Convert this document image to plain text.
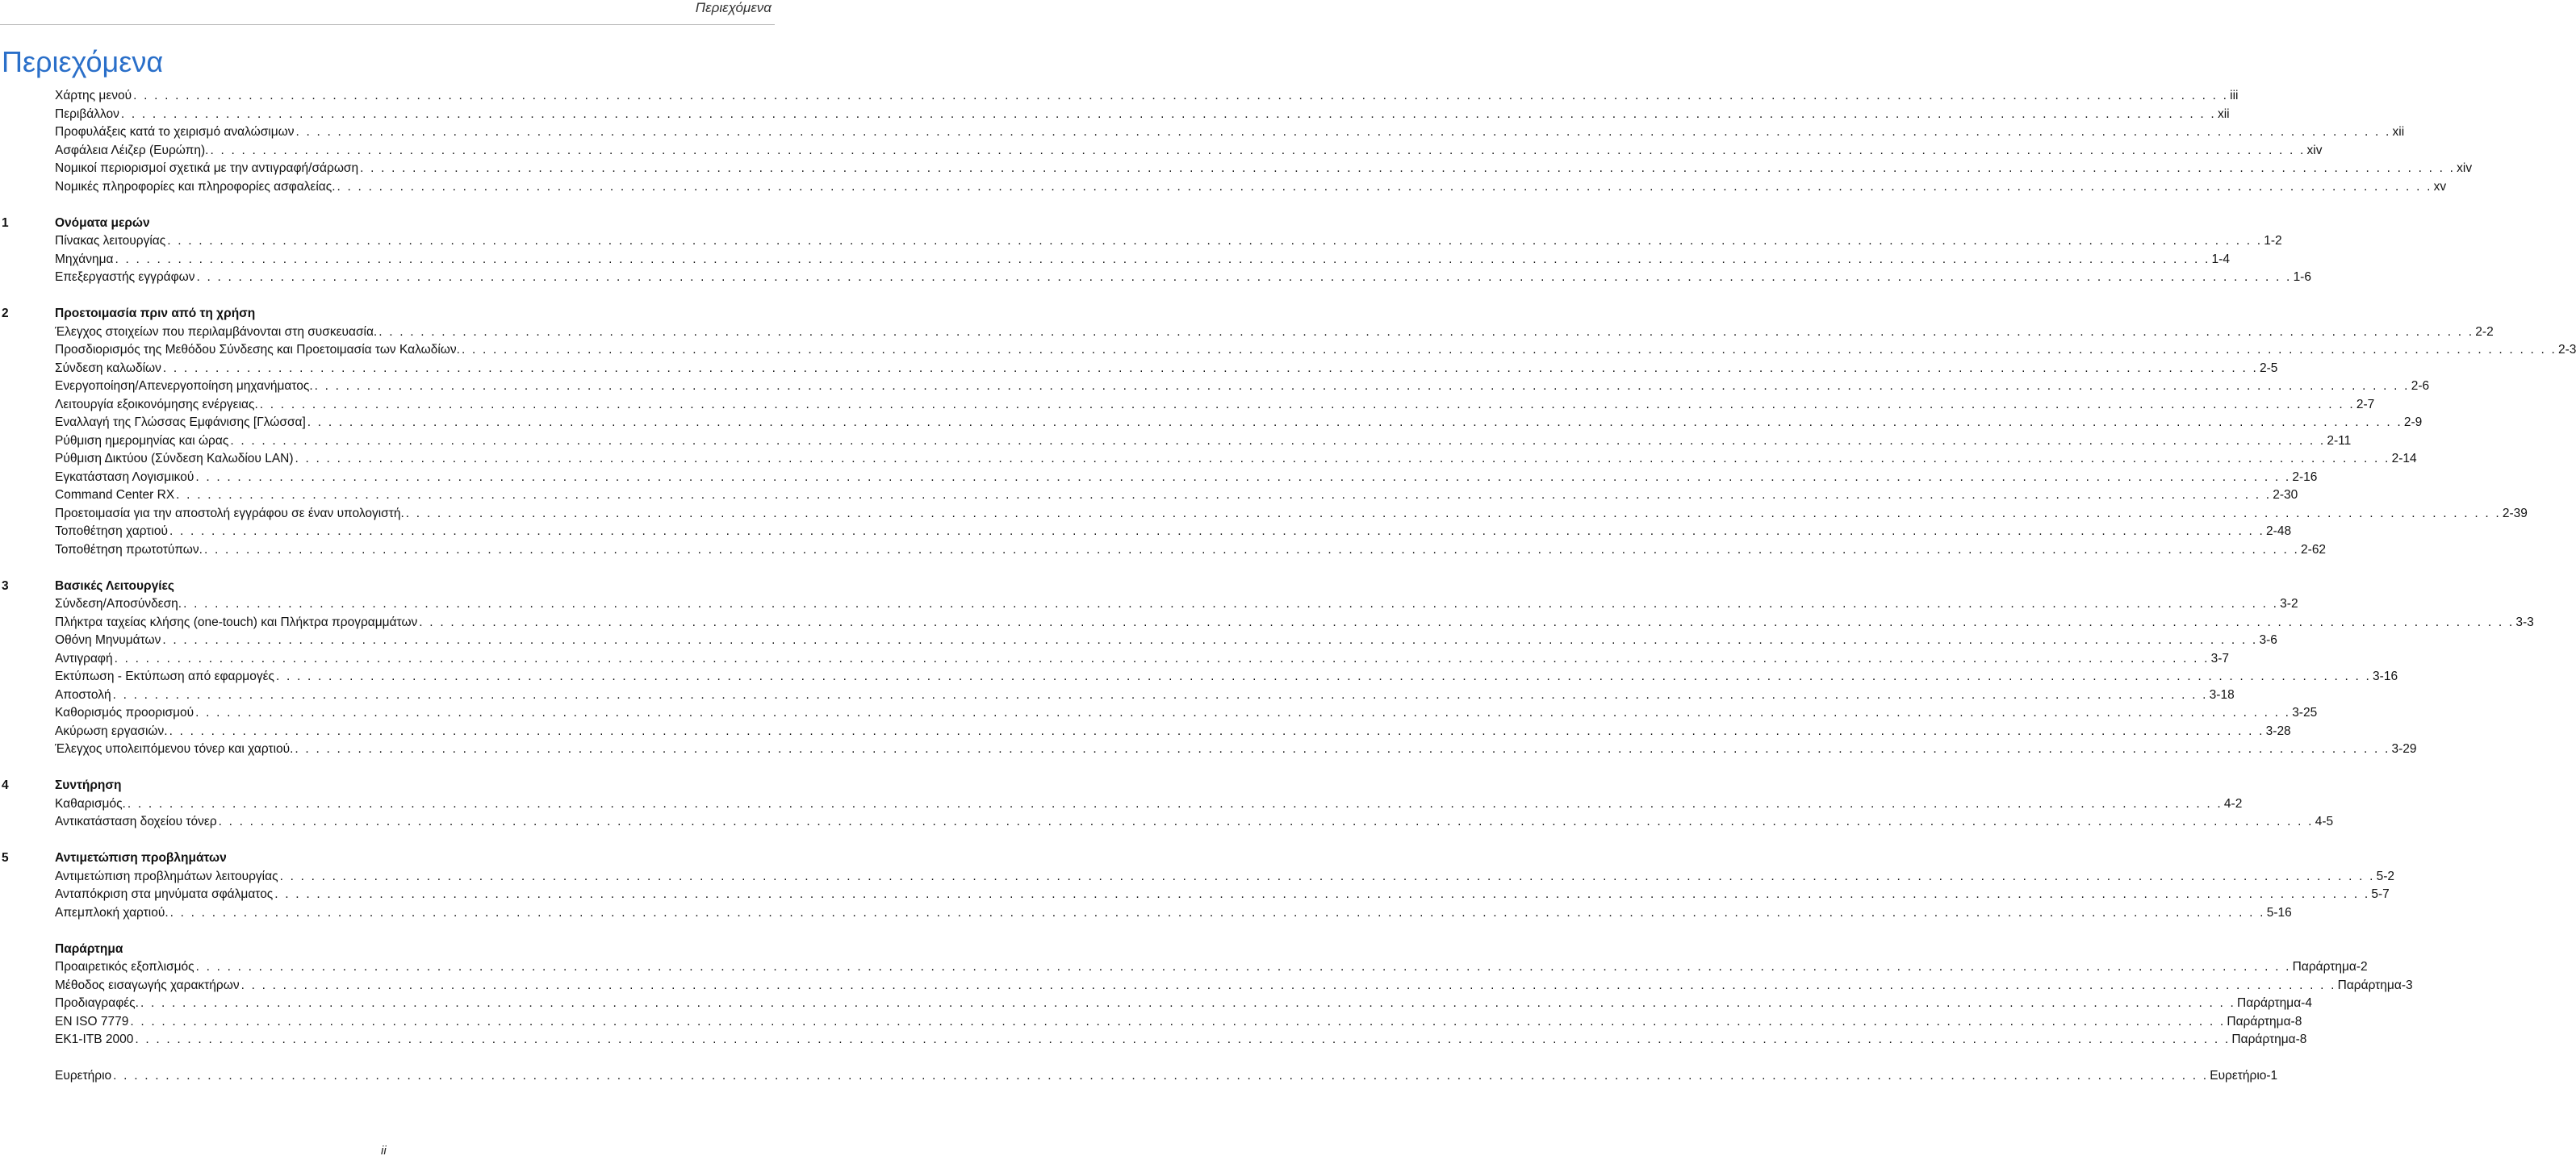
Περιεχόμενα
Περιεχόμενα
Χάρτης μενού . . . . . . . . . . . . . . . . . . . . . . . . . . . . . . . . . . . . . . . . . . . . . . . . . . . . . . . . . . . . . . . . . . . . . . . . . . . . . . . . . . . . . . . . . . . . . . . . . . . . . . . . . . . . . . . . . . . . . . . . . . . . . . . . . . . . . . . . . . . . . . . . . . . . . . . . . . . . . . . . . . . . . . . . . . . . . . . . . . . . . . . . . . . . . . . . . . . . . . . . iii
Περιβάλλον . . . . . . . . . . . . . . . . . . . . . . . . . . . . . . . . . . . . . . . . . . . . . . . . . . . . . . . . . . . . . . . . . . . . . . . . . . . . . . . . . . . . . . . . . . . . . . . . . . . . . . . . . . . . . . . . . . . . . . . . . . . . . . . . . . . . . . . . . . . . . . . . . . . . . . . . . . . . . . . . . . . . . . . . . . . . . . . . . . . . . . . . . . . . . . . . . . . . . . . . xii
Προφυλάξεις κατά το χειρισμό αναλώσιμων . . . . . . . . . . . . . . . . . . . . . . . . . . . . . . . . . . . . . . . . . . . . . . . . . . . . . . . . . . . . . . . . . . . . . . . . . . . . . . . . . . . . . . . . . . . . . . . . . . . . . . . . . . . . . . . . . . . . . . . . . . . . . . . . . . . . . . . . . . . . . . . . . . . . . . . . . . . . . . . . . . . . . . . . . . . . . . . . . . . . . . . . . . . . . . . . . . . . . . . . xii
Ασφάλεια Λέιζερ (Ευρώπη). . . . . . . . . . . . . . . . . . . . . . . . . . . . . . . . . . . . . . . . . . . . . . . . . . . . . . . . . . . . . . . . . . . . . . . . . . . . . . . . . . . . . . . . . . . . . . . . . . . . . . . . . . . . . . . . . . . . . . . . . . . . . . . . . . . . . . . . . . . . . . . . . . . . . . . . . . . . . . . . . . . . . . . . . . . . . . . . . . . . . . . . . . . . . . . . . . . . . . . . . xiv
Νομικοί περιορισμοί σχετικά με την αντιγραφή/σάρωση . . . . . . . . . . . . . . . . . . . . . . . . . . . . . . . . . . . . . . . . . . . . . . . . . . . . . . . . . . . . . . . . . . . . . . . . . . . . . . . . . . . . . . . . . . . . . . . . . . . . . . . . . . . . . . . . . . . . . . . . . . . . . . . . . . . . . . . . . . . . . . . . . . . . . . . . . . . . . . . . . . . . . . . . . . . . . . . . . . . . . . . . . . . . . . . . . . . . . . . . xiv
Νομικές πληροφορίες και πληροφορίες ασφαλείας. . . . . . . . . . . . . . . . . . . . . . . . . . . . . . . . . . . . . . . . . . . . . . . . . . . . . . . . . . . . . . . . . . . . . . . . . . . . . . . . . . . . . . . . . . . . . . . . . . . . . . . . . . . . . . . . . . . . . . . . . . . . . . . . . . . . . . . . . . . . . . . . . . . . . . . . . . . . . . . . . . . . . . . . . . . . . . . . . . . . . . . . . . . . . . . . . . . . . . . . . xv
1	Ονόματα μερών
Πίνακας λειτουργίας . . . . . . . . . . . . . . . . . . . . . . . . . . . . . . . . . . . . . . . . . . . . . . . . . . . . . . . . . . . . . . . . . . . . . . . . . . . . . . . . . . . . . . . . . . . . . . . . . . . . . . . . . . . . . . . . . . . . . . . . . . . . . . . . . . . . . . . . . . . . . . . . . . . . . . . . . . . . . . . . . . . . . . . . . . . . . . . . . . . . . . . . . . . . . . . . . . . . . . . . 1-2
Μηχάνημα . . . . . . . . . . . . . . . . . . . . . . . . . . . . . . . . . . . . . . . . . . . . . . . . . . . . . . . . . . . . . . . . . . . . . . . . . . . . . . . . . . . . . . . . . . . . . . . . . . . . . . . . . . . . . . . . . . . . . . . . . . . . . . . . . . . . . . . . . . . . . . . . . . . . . . . . . . . . . . . . . . . . . . . . . . . . . . . . . . . . . . . . . . . . . . . . . . . . . . . . 1-4
Επεξεργαστής εγγράφων . . . . . . . . . . . . . . . . . . . . . . . . . . . . . . . . . . . . . . . . . . . . . . . . . . . . . . . . . . . . . . . . . . . . . . . . . . . . . . . . . . . . . . . . . . . . . . . . . . . . . . . . . . . . . . . . . . . . . . . . . . . . . . . . . . . . . . . . . . . . . . . . . . . . . . . . . . . . . . . . . . . . . . . . . . . . . . . . . . . . . . . . . . . . . . . . . . . . . . . . 1-6
2	Προετοιμασία πριν από τη χρήση
Έλεγχος στοιχείων που περιλαμβάνονται στη συσκευασία. . . . . . . . . . . . . . . . . . . . . . . . . . . . . . . . . . . . . . . . . . . . . . . . . . . . . . . . . . . . . . . . . . . . . . . . . . . . . . . . . . . . . . . . . . . . . . . . . . . . . . . . . . . . . . . . . . . . . . . . . . . . . . . . . . . . . . . . . . . . . . . . . . . . . . . . . . . . . . . . . . . . . . . . . . . . . . . . . . . . . . . . . . . . . . . . . . . . . . . . . 2-2
Προσδιορισμός της Μεθόδου Σύνδεσης και Προετοιμασία των Καλωδίων. . . . . . . . . . . . . . . . . . . . . . . . . . . . . . . . . . . . . . . . . . . . . . . . . . . . . . . . . . . . . . . . . . . . . . . . . . . . . . . . . . . . . . . . . . . . . . . . . . . . . . . . . . . . . . . . . . . . . . . . . . . . . . . . . . . . . . . . . . . . . . . . . . . . . . . . . . . . . . . . . . . . . . . . . . . . . . . . . . . . . . . . . . . . . . . . . . . . . . . . . 2-3
Σύνδεση καλωδίων . . . . . . . . . . . . . . . . . . . . . . . . . . . . . . . . . . . . . . . . . . . . . . . . . . . . . . . . . . . . . . . . . . . . . . . . . . . . . . . . . . . . . . . . . . . . . . . . . . . . . . . . . . . . . . . . . . . . . . . . . . . . . . . . . . . . . . . . . . . . . . . . . . . . . . . . . . . . . . . . . . . . . . . . . . . . . . . . . . . . . . . . . . . . . . . . . . . . . . . . 2-5
Ενεργοποίηση/Απενεργοποίηση μηχανήματος. . . . . . . . . . . . . . . . . . . . . . . . . . . . . . . . . . . . . . . . . . . . . . . . . . . . . . . . . . . . . . . . . . . . . . . . . . . . . . . . . . . . . . . . . . . . . . . . . . . . . . . . . . . . . . . . . . . . . . . . . . . . . . . . . . . . . . . . . . . . . . . . . . . . . . . . . . . . . . . . . . . . . . . . . . . . . . . . . . . . . . . . . . . . . . . . . . . . . . . . . 2-6
Λειτουργία εξοικονόμησης ενέργειας. . . . . . . . . . . . . . . . . . . . . . . . . . . . . . . . . . . . . . . . . . . . . . . . . . . . . . . . . . . . . . . . . . . . . . . . . . . . . . . . . . . . . . . . . . . . . . . . . . . . . . . . . . . . . . . . . . . . . . . . . . . . . . . . . . . . . . . . . . . . . . . . . . . . . . . . . . . . . . . . . . . . . . . . . . . . . . . . . . . . . . . . . . . . . . . . . . . . . . . . . 2-7
Εναλλαγή της Γλώσσας Εμφάνισης [Γλώσσα] . . . . . . . . . . . . . . . . . . . . . . . . . . . . . . . . . . . . . . . . . . . . . . . . . . . . . . . . . . . . . . . . . . . . . . . . . . . . . . . . . . . . . . . . . . . . . . . . . . . . . . . . . . . . . . . . . . . . . . . . . . . . . . . . . . . . . . . . . . . . . . . . . . . . . . . . . . . . . . . . . . . . . . . . . . . . . . . . . . . . . . . . . . . . . . . . . . . . . . . . 2-9
Ρύθμιση ημερομηνίας και ώρας . . . . . . . . . . . . . . . . . . . . . . . . . . . . . . . . . . . . . . . . . . . . . . . . . . . . . . . . . . . . . . . . . . . . . . . . . . . . . . . . . . . . . . . . . . . . . . . . . . . . . . . . . . . . . . . . . . . . . . . . . . . . . . . . . . . . . . . . . . . . . . . . . . . . . . . . . . . . . . . . . . . . . . . . . . . . . . . . . . . . . . . . . . . . . . . . . . . . . . . . 2-11
Ρύθμιση Δικτύου (Σύνδεση Καλωδίου LAN) . . . . . . . . . . . . . . . . . . . . . . . . . . . . . . . . . . . . . . . . . . . . . . . . . . . . . . . . . . . . . . . . . . . . . . . . . . . . . . . . . . . . . . . . . . . . . . . . . . . . . . . . . . . . . . . . . . . . . . . . . . . . . . . . . . . . . . . . . . . . . . . . . . . . . . . . . . . . . . . . . . . . . . . . . . . . . . . . . . . . . . . . . . . . . . . . . . . . . . . . 2-14
Εγκατάσταση Λογισμικού . . . . . . . . . . . . . . . . . . . . . . . . . . . . . . . . . . . . . . . . . . . . . . . . . . . . . . . . . . . . . . . . . . . . . . . . . . . . . . . . . . . . . . . . . . . . . . . . . . . . . . . . . . . . . . . . . . . . . . . . . . . . . . . . . . . . . . . . . . . . . . . . . . . . . . . . . . . . . . . . . . . . . . . . . . . . . . . . . . . . . . . . . . . . . . . . . . . . . . . . 2-16
Command Center RX . . . . . . . . . . . . . . . . . . . . . . . . . . . . . . . . . . . . . . . . . . . . . . . . . . . . . . . . . . . . . . . . . . . . . . . . . . . . . . . . . . . . . . . . . . . . . . . . . . . . . . . . . . . . . . . . . . . . . . . . . . . . . . . . . . . . . . . . . . . . . . . . . . . . . . . . . . . . . . . . . . . . . . . . . . . . . . . . . . . . . . . . . . . . . . . . . . . . . . . . 2-30
Προετοιμασία για την αποστολή εγγράφου σε έναν υπολογιστή. . . . . . . . . . . . . . . . . . . . . . . . . . . . . . . . . . . . . . . . . . . . . . . . . . . . . . . . . . . . . . . . . . . . . . . . . . . . . . . . . . . . . . . . . . . . . . . . . . . . . . . . . . . . . . . . . . . . . . . . . . . . . . . . . . . . . . . . . . . . . . . . . . . . . . . . . . . . . . . . . . . . . . . . . . . . . . . . . . . . . . . . . . . . . . . . . . . . . . . . . 2-39
Τοποθέτηση χαρτιού . . . . . . . . . . . . . . . . . . . . . . . . . . . . . . . . . . . . . . . . . . . . . . . . . . . . . . . . . . . . . . . . . . . . . . . . . . . . . . . . . . . . . . . . . . . . . . . . . . . . . . . . . . . . . . . . . . . . . . . . . . . . . . . . . . . . . . . . . . . . . . . . . . . . . . . . . . . . . . . . . . . . . . . . . . . . . . . . . . . . . . . . . . . . . . . . . . . . . . . . 2-48
Τοποθέτηση πρωτοτύπων. . . . . . . . . . . . . . . . . . . . . . . . . . . . . . . . . . . . . . . . . . . . . . . . . . . . . . . . . . . . . . . . . . . . . . . . . . . . . . . . . . . . . . . . . . . . . . . . . . . . . . . . . . . . . . . . . . . . . . . . . . . . . . . . . . . . . . . . . . . . . . . . . . . . . . . . . . . . . . . . . . . . . . . . . . . . . . . . . . . . . . . . . . . . . . . . . . . . . . . . . 2-62
3	Βασικές Λειτουργίες
Σύνδεση/Αποσύνδεση. . . . . . . . . . . . . . . . . . . . . . . . . . . . . . . . . . . . . . . . . . . . . . . . . . . . . . . . . . . . . . . . . . . . . . . . . . . . . . . . . . . . . . . . . . . . . . . . . . . . . . . . . . . . . . . . . . . . . . . . . . . . . . . . . . . . . . . . . . . . . . . . . . . . . . . . . . . . . . . . . . . . . . . . . . . . . . . . . . . . . . . . . . . . . . . . . . . . . . . . . 3-2
Πλήκτρα ταχείας κλήσης (one-touch) και Πλήκτρα προγραμμάτων . . . . . . . . . . . . . . . . . . . . . . . . . . . . . . . . . . . . . . . . . . . . . . . . . . . . . . . . . . . . . . . . . . . . . . . . . . . . . . . . . . . . . . . . . . . . . . . . . . . . . . . . . . . . . . . . . . . . . . . . . . . . . . . . . . . . . . . . . . . . . . . . . . . . . . . . . . . . . . . . . . . . . . . . . . . . . . . . . . . . . . . . . . . . . . . . . . . . . . . . 3-3
Οθόνη Μηνυμάτων . . . . . . . . . . . . . . . . . . . . . . . . . . . . . . . . . . . . . . . . . . . . . . . . . . . . . . . . . . . . . . . . . . . . . . . . . . . . . . . . . . . . . . . . . . . . . . . . . . . . . . . . . . . . . . . . . . . . . . . . . . . . . . . . . . . . . . . . . . . . . . . . . . . . . . . . . . . . . . . . . . . . . . . . . . . . . . . . . . . . . . . . . . . . . . . . . . . . . . . . 3-6
Αντιγραφή . . . . . . . . . . . . . . . . . . . . . . . . . . . . . . . . . . . . . . . . . . . . . . . . . . . . . . . . . . . . . . . . . . . . . . . . . . . . . . . . . . . . . . . . . . . . . . . . . . . . . . . . . . . . . . . . . . . . . . . . . . . . . . . . . . . . . . . . . . . . . . . . . . . . . . . . . . . . . . . . . . . . . . . . . . . . . . . . . . . . . . . . . . . . . . . . . . . . . . . . 3-7
Εκτύπωση - Εκτύπωση από εφαρμογές . . . . . . . . . . . . . . . . . . . . . . . . . . . . . . . . . . . . . . . . . . . . . . . . . . . . . . . . . . . . . . . . . . . . . . . . . . . . . . . . . . . . . . . . . . . . . . . . . . . . . . . . . . . . . . . . . . . . . . . . . . . . . . . . . . . . . . . . . . . . . . . . . . . . . . . . . . . . . . . . . . . . . . . . . . . . . . . . . . . . . . . . . . . . . . . . . . . . . . . . 3-16
Αποστολή . . . . . . . . . . . . . . . . . . . . . . . . . . . . . . . . . . . . . . . . . . . . . . . . . . . . . . . . . . . . . . . . . . . . . . . . . . . . . . . . . . . . . . . . . . . . . . . . . . . . . . . . . . . . . . . . . . . . . . . . . . . . . . . . . . . . . . . . . . . . . . . . . . . . . . . . . . . . . . . . . . . . . . . . . . . . . . . . . . . . . . . . . . . . . . . . . . . . . . . . 3-18
Καθορισμός προορισμού . . . . . . . . . . . . . . . . . . . . . . . . . . . . . . . . . . . . . . . . . . . . . . . . . . . . . . . . . . . . . . . . . . . . . . . . . . . . . . . . . . . . . . . . . . . . . . . . . . . . . . . . . . . . . . . . . . . . . . . . . . . . . . . . . . . . . . . . . . . . . . . . . . . . . . . . . . . . . . . . . . . . . . . . . . . . . . . . . . . . . . . . . . . . . . . . . . . . . . . . 3-25
Ακύρωση εργασιών. . . . . . . . . . . . . . . . . . . . . . . . . . . . . . . . . . . . . . . . . . . . . . . . . . . . . . . . . . . . . . . . . . . . . . . . . . . . . . . . . . . . . . . . . . . . . . . . . . . . . . . . . . . . . . . . . . . . . . . . . . . . . . . . . . . . . . . . . . . . . . . . . . . . . . . . . . . . . . . . . . . . . . . . . . . . . . . . . . . . . . . . . . . . . . . . . . . . . . . . . 3-28
Έλεγχος υπολειπόμενου τόνερ και χαρτιού. . . . . . . . . . . . . . . . . . . . . . . . . . . . . . . . . . . . . . . . . . . . . . . . . . . . . . . . . . . . . . . . . . . . . . . . . . . . . . . . . . . . . . . . . . . . . . . . . . . . . . . . . . . . . . . . . . . . . . . . . . . . . . . . . . . . . . . . . . . . . . . . . . . . . . . . . . . . . . . . . . . . . . . . . . . . . . . . . . . . . . . . . . . . . . . . . . . . . . . . . 3-29
4	Συντήρηση
Καθαρισμός. . . . . . . . . . . . . . . . . . . . . . . . . . . . . . . . . . . . . . . . . . . . . . . . . . . . . . . . . . . . . . . . . . . . . . . . . . . . . . . . . . . . . . . . . . . . . . . . . . . . . . . . . . . . . . . . . . . . . . . . . . . . . . . . . . . . . . . . . . . . . . . . . . . . . . . . . . . . . . . . . . . . . . . . . . . . . . . . . . . . . . . . . . . . . . . . . . . . . . . . . 4-2
Αντικατάσταση δοχείου τόνερ . . . . . . . . . . . . . . . . . . . . . . . . . . . . . . . . . . . . . . . . . . . . . . . . . . . . . . . . . . . . . . . . . . . . . . . . . . . . . . . . . . . . . . . . . . . . . . . . . . . . . . . . . . . . . . . . . . . . . . . . . . . . . . . . . . . . . . . . . . . . . . . . . . . . . . . . . . . . . . . . . . . . . . . . . . . . . . . . . . . . . . . . . . . . . . . . . . . . . . . . 4-5
5	Αντιμετώπιση προβλημάτων
Αντιμετώπιση προβλημάτων λειτουργίας . . . . . . . . . . . . . . . . . . . . . . . . . . . . . . . . . . . . . . . . . . . . . . . . . . . . . . . . . . . . . . . . . . . . . . . . . . . . . . . . . . . . . . . . . . . . . . . . . . . . . . . . . . . . . . . . . . . . . . . . . . . . . . . . . . . . . . . . . . . . . . . . . . . . . . . . . . . . . . . . . . . . . . . . . . . . . . . . . . . . . . . . . . . . . . . . . . . . . . . . 5-2
Ανταπόκριση στα μηνύματα σφάλματος . . . . . . . . . . . . . . . . . . . . . . . . . . . . . . . . . . . . . . . . . . . . . . . . . . . . . . . . . . . . . . . . . . . . . . . . . . . . . . . . . . . . . . . . . . . . . . . . . . . . . . . . . . . . . . . . . . . . . . . . . . . . . . . . . . . . . . . . . . . . . . . . . . . . . . . . . . . . . . . . . . . . . . . . . . . . . . . . . . . . . . . . . . . . . . . . . . . . . . . . 5-7
Απεμπλοκή χαρτιού. . . . . . . . . . . . . . . . . . . . . . . . . . . . . . . . . . . . . . . . . . . . . . . . . . . . . . . . . . . . . . . . . . . . . . . . . . . . . . . . . . . . . . . . . . . . . . . . . . . . . . . . . . . . . . . . . . . . . . . . . . . . . . . . . . . . . . . . . . . . . . . . . . . . . . . . . . . . . . . . . . . . . . . . . . . . . . . . . . . . . . . . . . . . . . . . . . . . . . . . . 5-16
Παράρτημα
Προαιρετικός εξοπλισμός . . . . . . . . . . . . . . . . . . . . . . . . . . . . . . . . . . . . . . . . . . . . . . . . . . . . . . . . . . . . . . . . . . . . . . . . . . . . . . . . . . . . . . . . . . . . . . . . . . . . . . . . . . . . . . . . . . . . . . . . . . . . . . . . . . . . . . . . . . . . . . . . . . . . . . . . . . . . . . . . . . . . . . . . . . . . . . . . . . . . . . . . . . . . . . . . . . . . . . . . Παράρτημα-2
Μέθοδος εισαγωγής χαρακτήρων . . . . . . . . . . . . . . . . . . . . . . . . . . . . . . . . . . . . . . . . . . . . . . . . . . . . . . . . . . . . . . . . . . . . . . . . . . . . . . . . . . . . . . . . . . . . . . . . . . . . . . . . . . . . . . . . . . . . . . . . . . . . . . . . . . . . . . . . . . . . . . . . . . . . . . . . . . . . . . . . . . . . . . . . . . . . . . . . . . . . . . . . . . . . . . . . . . . . . . . . Παράρτημα-3
Προδιαγραφές. . . . . . . . . . . . . . . . . . . . . . . . . . . . . . . . . . . . . . . . . . . . . . . . . . . . . . . . . . . . . . . . . . . . . . . . . . . . . . . . . . . . . . . . . . . . . . . . . . . . . . . . . . . . . . . . . . . . . . . . . . . . . . . . . . . . . . . . . . . . . . . . . . . . . . . . . . . . . . . . . . . . . . . . . . . . . . . . . . . . . . . . . . . . . . . . . . . . . . . . . Παράρτημα-4
EN ISO 7779 . . . . . . . . . . . . . . . . . . . . . . . . . . . . . . . . . . . . . . . . . . . . . . . . . . . . . . . . . . . . . . . . . . . . . . . . . . . . . . . . . . . . . . . . . . . . . . . . . . . . . . . . . . . . . . . . . . . . . . . . . . . . . . . . . . . . . . . . . . . . . . . . . . . . . . . . . . . . . . . . . . . . . . . . . . . . . . . . . . . . . . . . . . . . . . . . . . . . . . . . Παράρτημα-8
EK1-ITB 2000 . . . . . . . . . . . . . . . . . . . . . . . . . . . . . . . . . . . . . . . . . . . . . . . . . . . . . . . . . . . . . . . . . . . . . . . . . . . . . . . . . . . . . . . . . . . . . . . . . . . . . . . . . . . . . . . . . . . . . . . . . . . . . . . . . . . . . . . . . . . . . . . . . . . . . . . . . . . . . . . . . . . . . . . . . . . . . . . . . . . . . . . . . . . . . . . . . . . . . . . . Παράρτημα-8
Ευρετήριο . . . . . . . . . . . . . . . . . . . . . . . . . . . . . . . . . . . . . . . . . . . . . . . . . . . . . . . . . . . . . . . . . . . . . . . . . . . . . . . . . . . . . . . . . . . . . . . . . . . . . . . . . . . . . . . . . . . . . . . . . . . . . . . . . . . . . . . . . . . . . . . . . . . . . . . . . . . . . . . . . . . . . . . . . . . . . . . . . . . . . . . . . . . . . . . . . . . . . . . . Ευρετήριο-1
ii
